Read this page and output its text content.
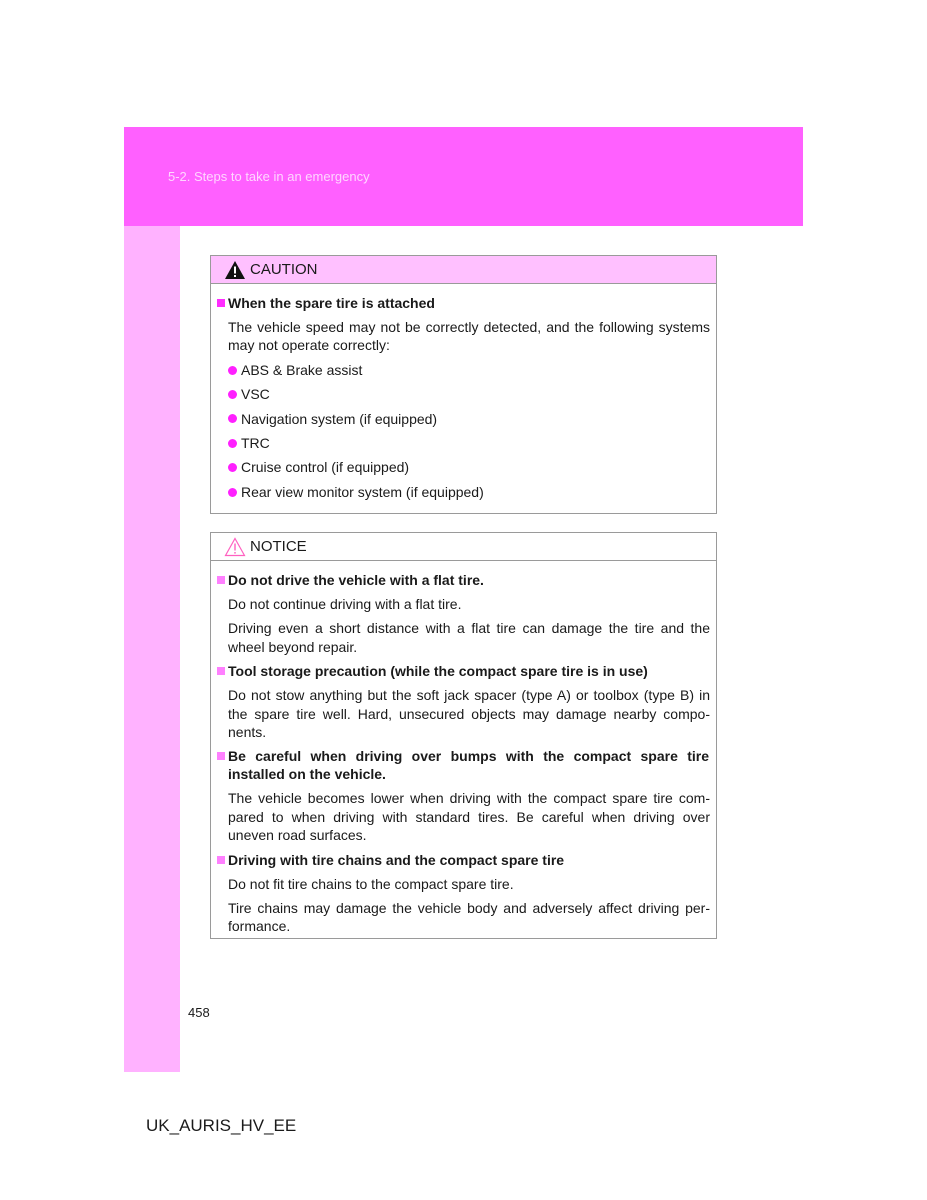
5-2. Steps to take in an emergency
CAUTION
When the spare tire is attached
The vehicle speed may not be correctly detected, and the following systems may not operate correctly:
ABS & Brake assist
VSC
Navigation system (if equipped)
TRC
Cruise control (if equipped)
Rear view monitor system (if equipped)
NOTICE
Do not drive the vehicle with a flat tire.
Do not continue driving with a flat tire.
Driving even a short distance with a flat tire can damage the tire and the wheel beyond repair.
Tool storage precaution (while the compact spare tire is in use)
Do not stow anything but the soft jack spacer (type A) or toolbox (type B) in the spare tire well. Hard, unsecured objects may damage nearby compo-nents.
Be careful when driving over bumps with the compact spare tire installed on the vehicle.
The vehicle becomes lower when driving with the compact spare tire com-pared to when driving with standard tires. Be careful when driving over uneven road surfaces.
Driving with tire chains and the compact spare tire
Do not fit tire chains to the compact spare tire.
Tire chains may damage the vehicle body and adversely affect driving per-formance.
458
UK_AURIS_HV_EE
